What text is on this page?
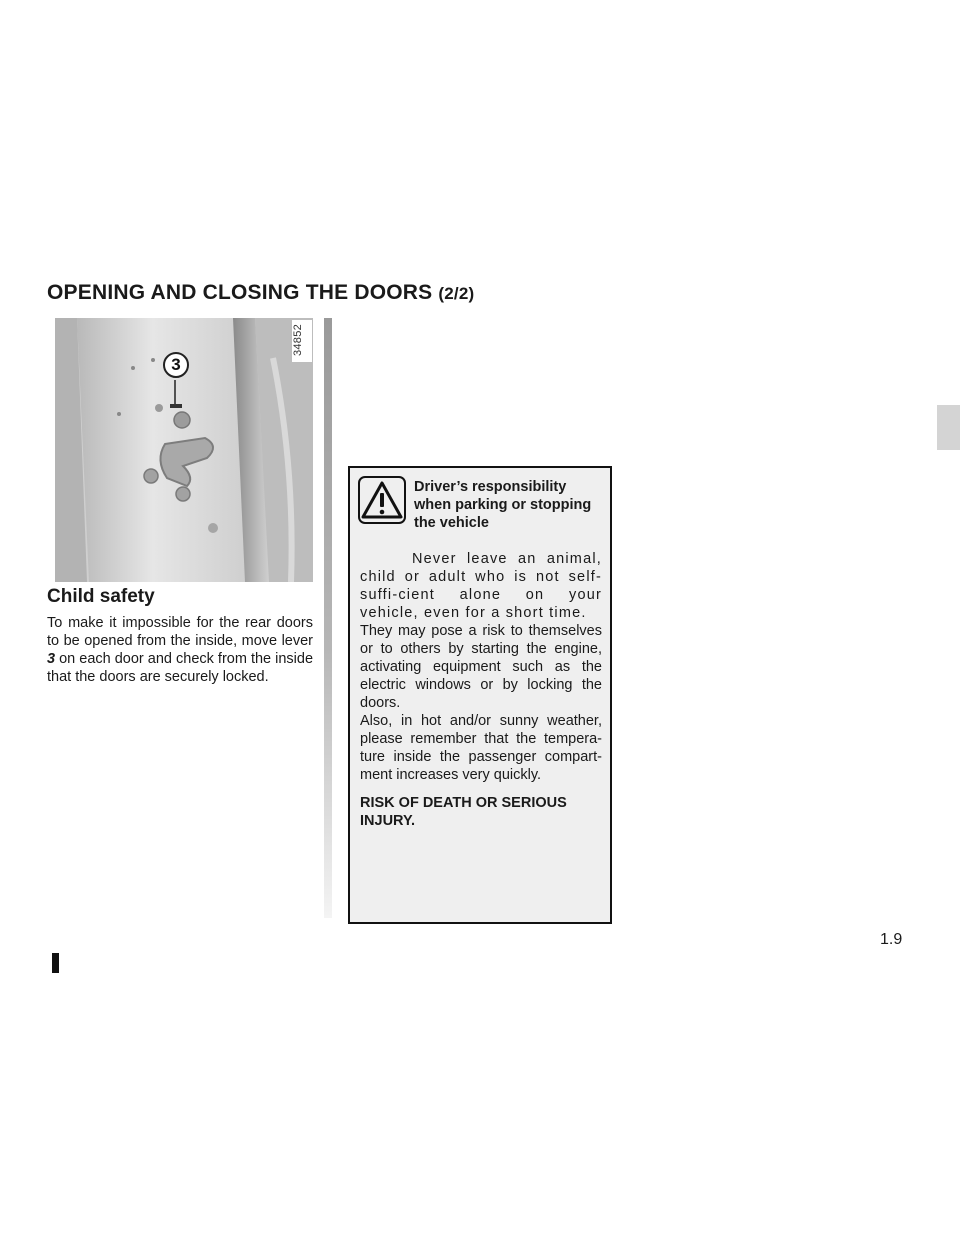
OPENING AND CLOSING THE DOORS (2/2)
34852
3
Child safety

To make it impossible for the rear doors to be opened from the inside, move lever 3 on each door and check from the inside that the doors are securely locked.

Driver’s responsibility when parking or stopping the vehicle

Never leave an animal, child or adult who is not self-suffi-cient alone on your vehicle, even for a short time.

They may pose a risk to themselves or to others by starting the engine, activating equipment such as the electric windows or by locking the doors.

Also, in hot and/or sunny weather, please remember that the tempera-ture inside the passenger compart-ment increases very quickly.

RISK OF DEATH OR SERIOUS INJURY.

1.9
